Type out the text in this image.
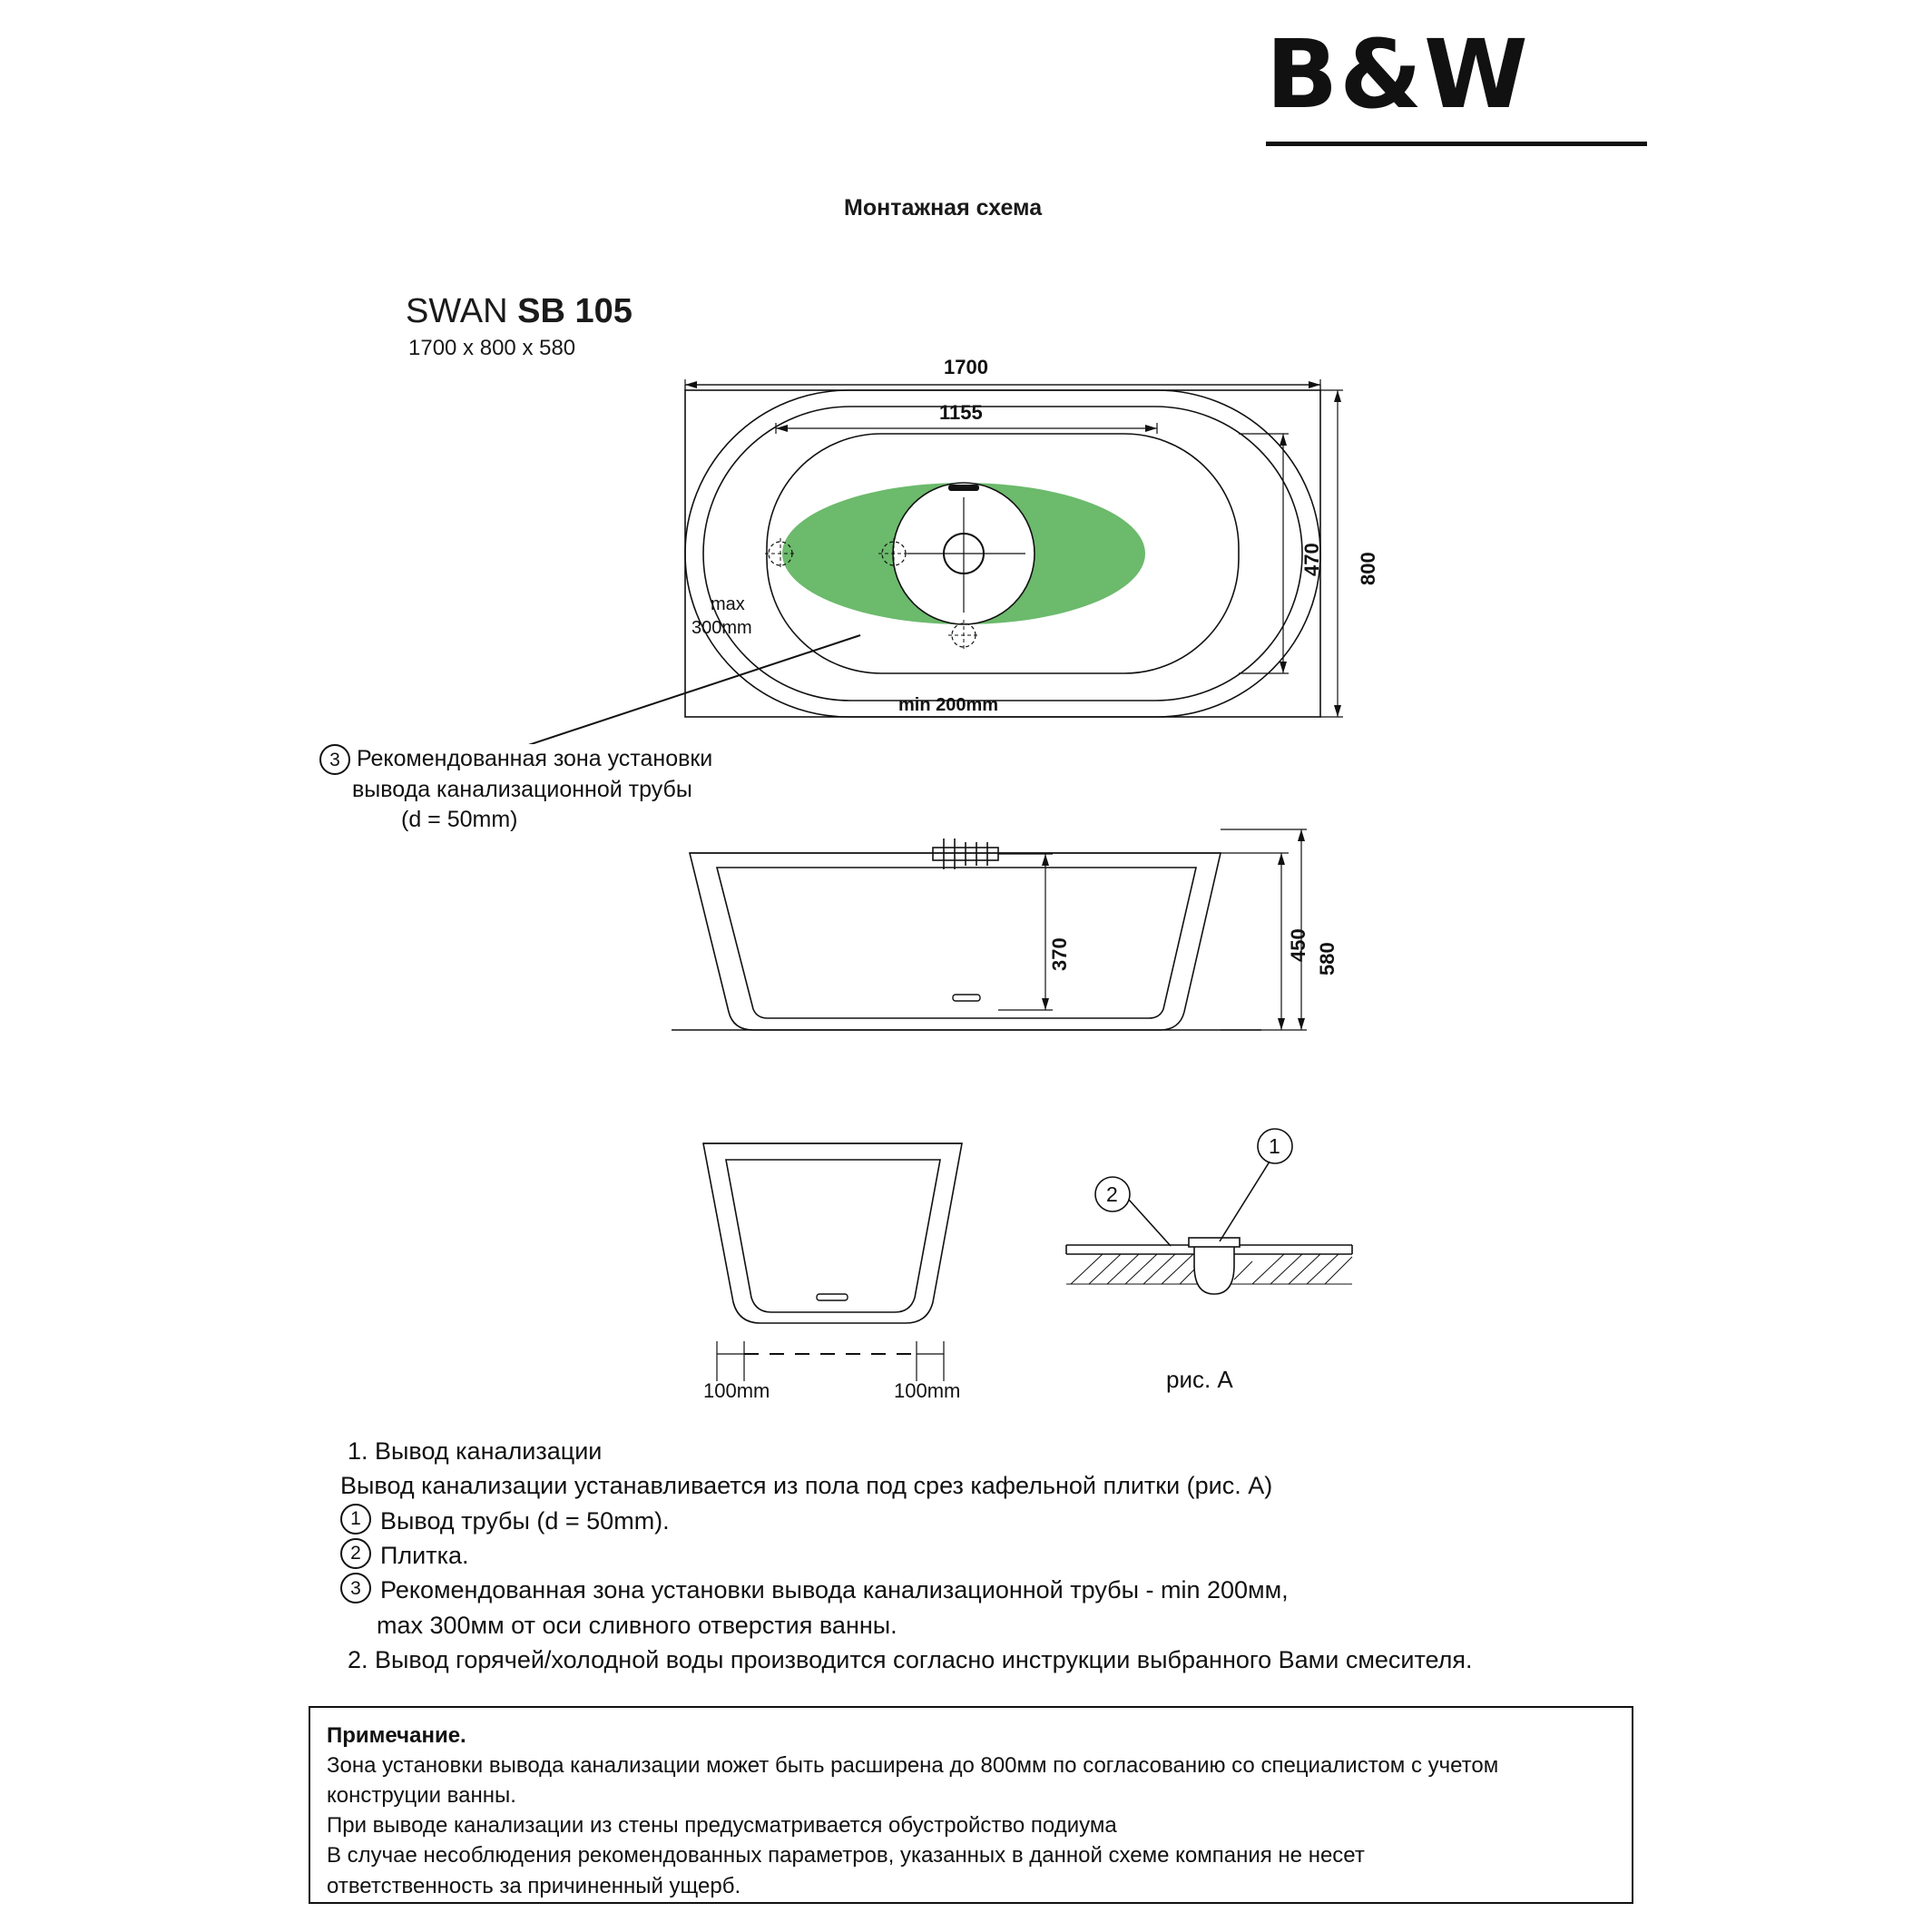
B&W
Монтажная схема
SWAN SB 105
1700 x 800 x 580
1700
1155
800
470
max
300mm
min 200mm
3 Рекомендованная зона установки
вывода канализационной трубы
(d = 50mm)
370	450 580
100mm	100mm
1
2
рис. А
1. Вывод канализации
Вывод канализации устанавливается из пола под срез кафельной плитки (рис. А)
1 Вывод трубы (d = 50mm).
2 Плитка.
3 Рекомендованная зона установки вывода канализационной трубы - min 200мм,
max 300мм от оси сливного отверстия ванны.
2. Вывод горячей/холодной воды производится согласно инструкции выбранного Вами смесителя.
Примечание.
Зона установки вывода канализации может быть расширена до 800мм по согласованию со специалистом с учетом
конструции ванны.
При выводе канализации из стены предусматривается обустройство подиума
В случае несоблюдения рекомендованных параметров, указанных в данной схеме компания не несет
ответственность за причиненный ущерб.
